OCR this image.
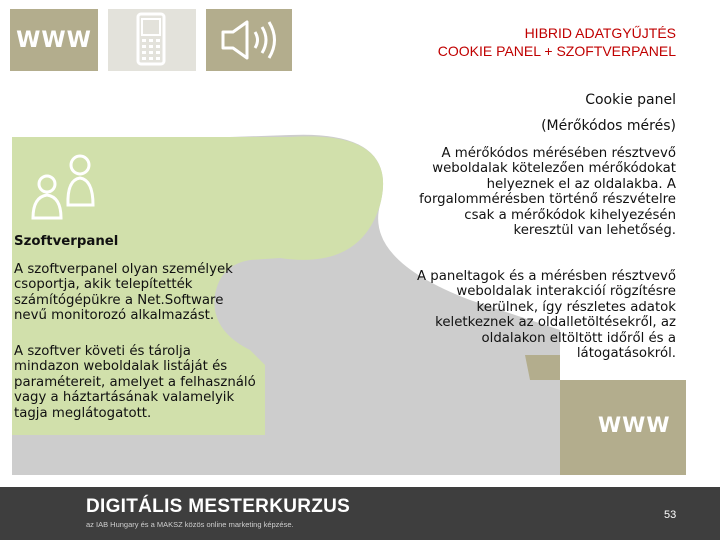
WWW	HIBRID ADATGYŰJTÉS
COOKIE PANEL + SZOFTVERPANEL
Cookie panel
(Mérőkódos mérés)
A mérőkódos mérésében résztvevő
weboldalak kötelezően mérőkódokat
helyeznek el az oldalakba. A
forgalommérésben történő részvételre
csak a mérőkódok kihelyezésén
keresztül van lehetőség.
A paneltagok és a mérésben résztvevő
weboldalak interakcióí rögzítésre
kerülnek, így részletes adatok
keletkeznek az oldalletöltésekről, az
oldalakon eltöltött időről és a
látogatásokról.
Szoftverpanel
A szoftverpanel olyan személyek
csoportja, akik telepítették
számítógépükre a Net.Software
nevű monitorozó alkalmazást.
A szoftver követi és tárolja
mindazon weboldalak listáját és
paramétereit, amelyet a felhasználó
vagy a háztartásának valamelyik
tagja meglátogatott.	WWW
DIGITÁLIS MESTERKURZUS
az IAB Hungary és a MAKSZ közös online marketing képzése.
53
